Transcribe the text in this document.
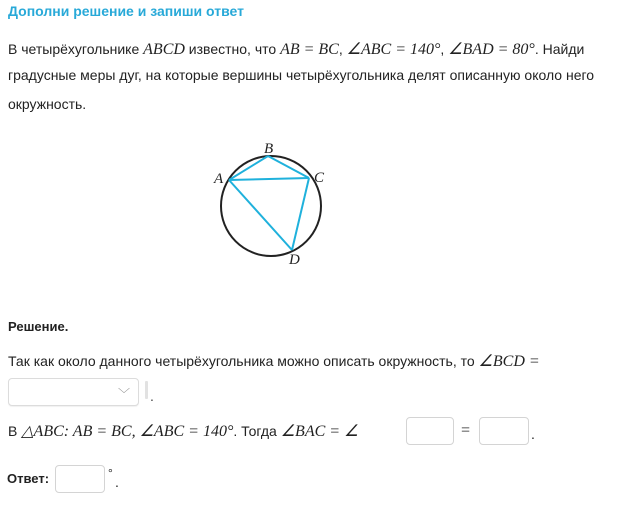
Дополни решение и запиши ответ
В четырёхугольнике ABCD известно, что AB = BC, ∠ABC = 140°, ∠BAD = 80°. Найди
градусные меры дуг, на которые вершины четырёхугольника делят описанную около него
окружность.
B
A	C
D
Решение.
Так как около данного четырёхугольника можно описать окружность, то ∠BCD =
﹀ .
В △ABC: AB = BC, ∠ABC = 140°. Тогда ∠BAC = ∠	=	.
Ответ:	°
.
